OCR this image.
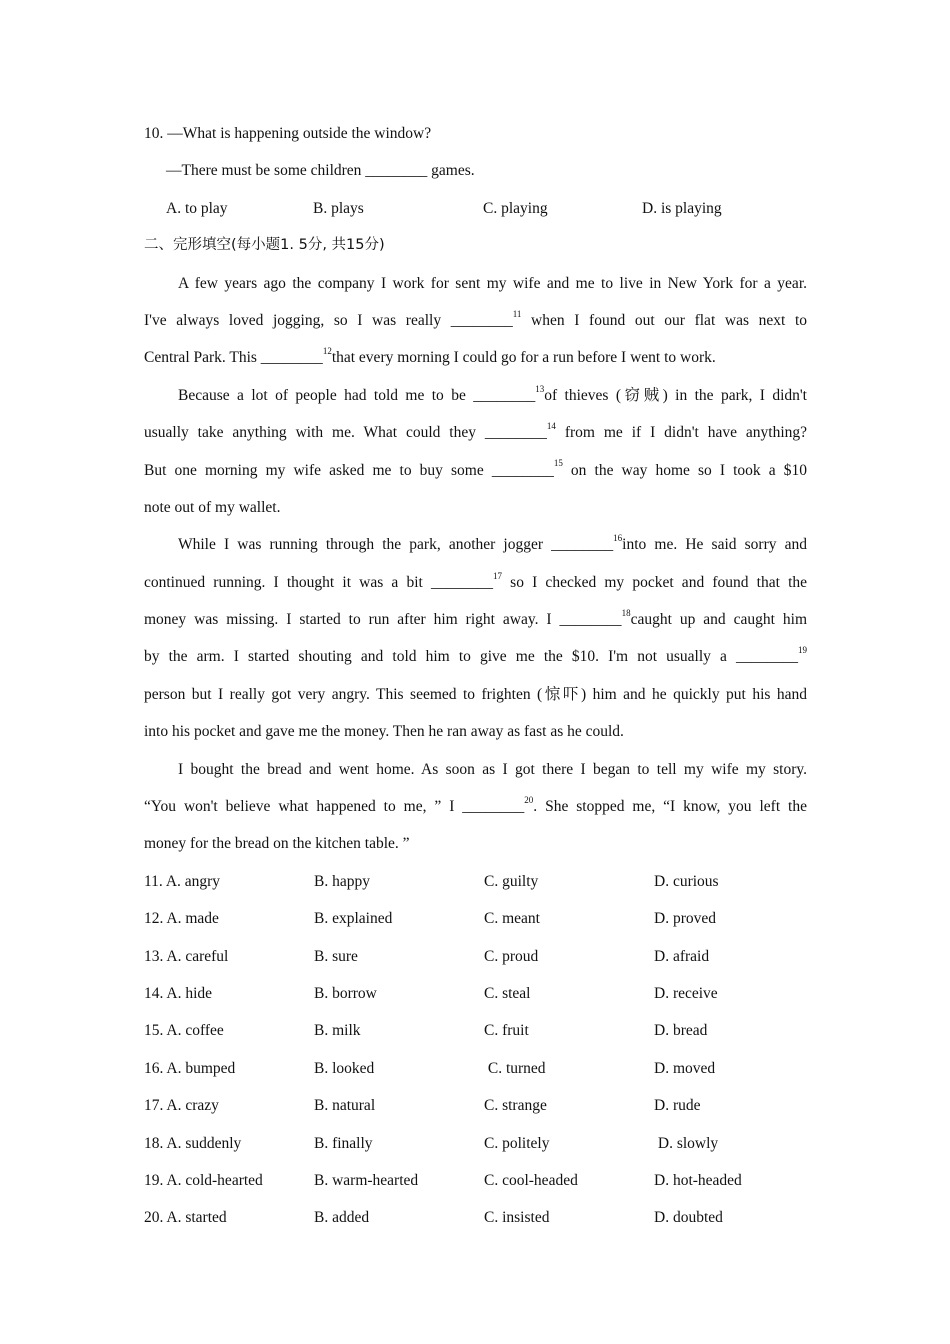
10. —What is happening outside the window?
—There must be some children ________ games.
A. to play	B. plays	C. playing	D. is playing
二、完形填空(每小题1. 5分, 共15分)
A few years ago the company I work for sent my wife and me to live in New York for a year.
I've always loved jogging, so I was really ________$^{11}$ when I found out our flat was next to
Central Park. This ________$^{12}$that every morning I could go for a run before I went to work.
Because a lot of people had told me to be ________$^{13}$of thieves (窃贼) in the park, I didn't
usually take anything with me. What could they ________$^{14}$ from me if I didn't have anything?
But one morning my wife asked me to buy some ________$^{15}$ on the way home so I took a $10
note out of my wallet.
While I was running through the park, another jogger ________$^{16}$into me. He said sorry and
continued running. I thought it was a bit ________$^{17}$ so I checked my pocket and found that the
money was missing. I started to run after him right away. I ________$^{18}$caught up and caught him
by the arm. I started shouting and told him to give me the $10. I'm not usually a ________$^{19}$
person but I really got very angry. This seemed to frighten (惊吓) him and he quickly put his hand
into his pocket and gave me the money. Then he ran away as fast as he could.
I bought the bread and went home. As soon as I got there I began to tell my wife my story.
“You won't believe what happened to me, ” I ________$^{20}$. She stopped me, “I know, you left the
money for the bread on the kitchen table. ”
11. A. angry	B. happy	C. guilty	D. curious
12. A. made	B. explained	C. meant	D. proved
13. A. careful	B. sure	C. proud	D. afraid
14. A. hide	B. borrow	C. steal	D. receive
15. A. coffee	B. milk	C. fruit	D. bread
16. A. bumped	B. looked	C. turned	D. moved
17. A. crazy	B. natural	C. strange	D. rude
18. A. suddenly	B. finally	C. politely	D. slowly
19. A. cold-hearted	B. warm-hearted	C. cool-headed	D. hot-headed
20. A. started	B. added	C. insisted	D. doubted
